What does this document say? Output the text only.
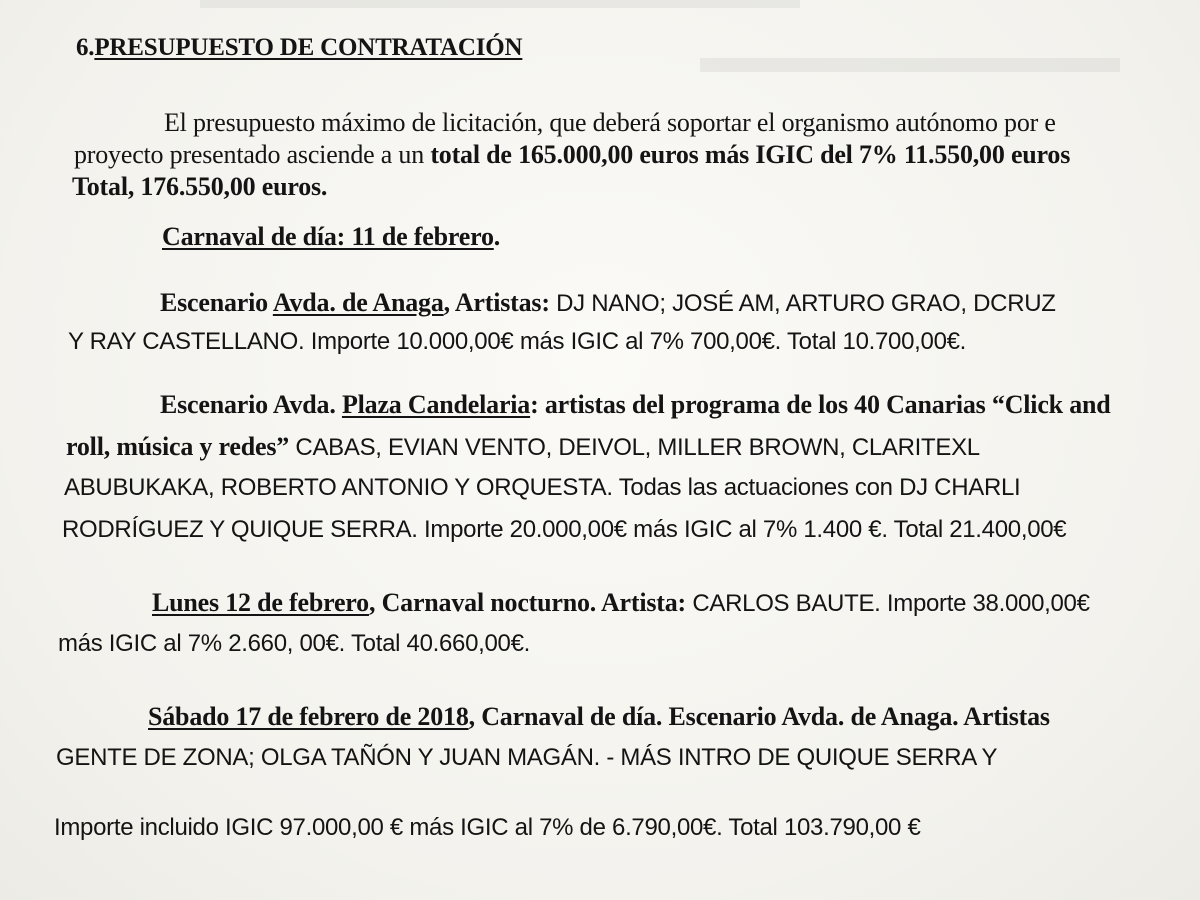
6.PRESUPUESTO DE CONTRATACIÓN
El presupuesto máximo de licitación, que deberá soportar el organismo autónomo por e
proyecto presentado asciende a un total de 165.000,00 euros más IGIC del 7% 11.550,00 euros
Total, 176.550,00 euros.
Carnaval de día: 11 de febrero.
Escenario Avda. de Anaga, Artistas: DJ NANO; JOSÉ AM, ARTURO GRAO, DCRUZ
Y RAY CASTELLANO. Importe 10.000,00€ más IGIC al 7% 700,00€. Total 10.700,00€.
Escenario Avda. Plaza Candelaria: artistas del programa de los 40 Canarias “Click and
roll, música y redes” CABAS, EVIAN VENTO, DEIVOL, MILLER BROWN, CLARITEXL
ABUBUKAKA, ROBERTO ANTONIO Y ORQUESTA. Todas las actuaciones con DJ CHARLI
RODRÍGUEZ Y QUIQUE SERRA. Importe 20.000,00€ más IGIC al 7% 1.400 €. Total 21.400,00€
Lunes 12 de febrero, Carnaval nocturno. Artista: CARLOS BAUTE. Importe 38.000,00€
más IGIC al 7% 2.660, 00€. Total 40.660,00€.
Sábado 17 de febrero de 2018, Carnaval de día. Escenario Avda. de Anaga. Artistas
GENTE DE ZONA; OLGA TAÑÓN Y JUAN MAGÁN. - MÁS INTRO DE QUIQUE SERRA Y
Importe incluido IGIC 97.000,00 € más IGIC al 7% de 6.790,00€. Total 103.790,00 €
